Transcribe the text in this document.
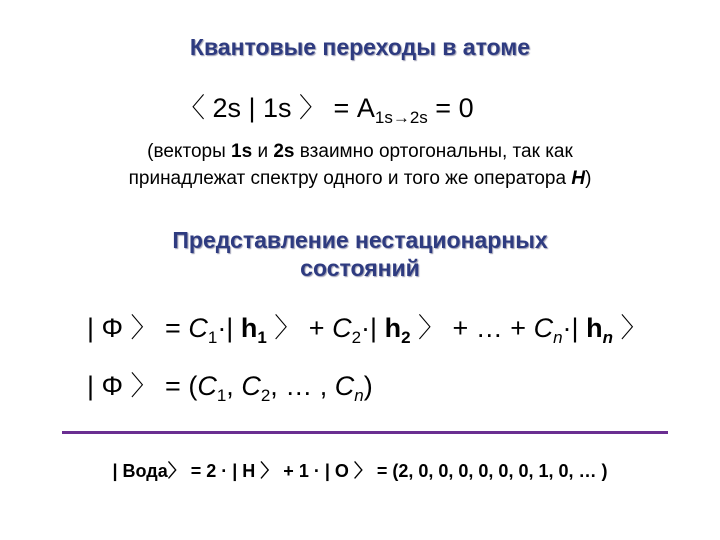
Квантовые переходы в атоме
〈 2s | 1s 〉 = $A_{1s\to 2s} = 0$
(векторы 1s и 2s взаимно ортогональны, так как
принадлежат спектру одного и того же оператора H)
Представление нестационарных
состояний
| Φ 〉 = $C_1\cdot|$ $h_1$ 〉 + $C_2\cdot|$ $h_2$ 〉 + … + $C_n\cdot|$ $h_n$ 〉
| Φ 〉 = ($C_1$, $C_2$, … , $C_n$)
| Вода〉 = 2 · | H 〉 + 1 · | O 〉 = (2, 0, 0, 0, 0, 0, 0, 1, 0, … )
